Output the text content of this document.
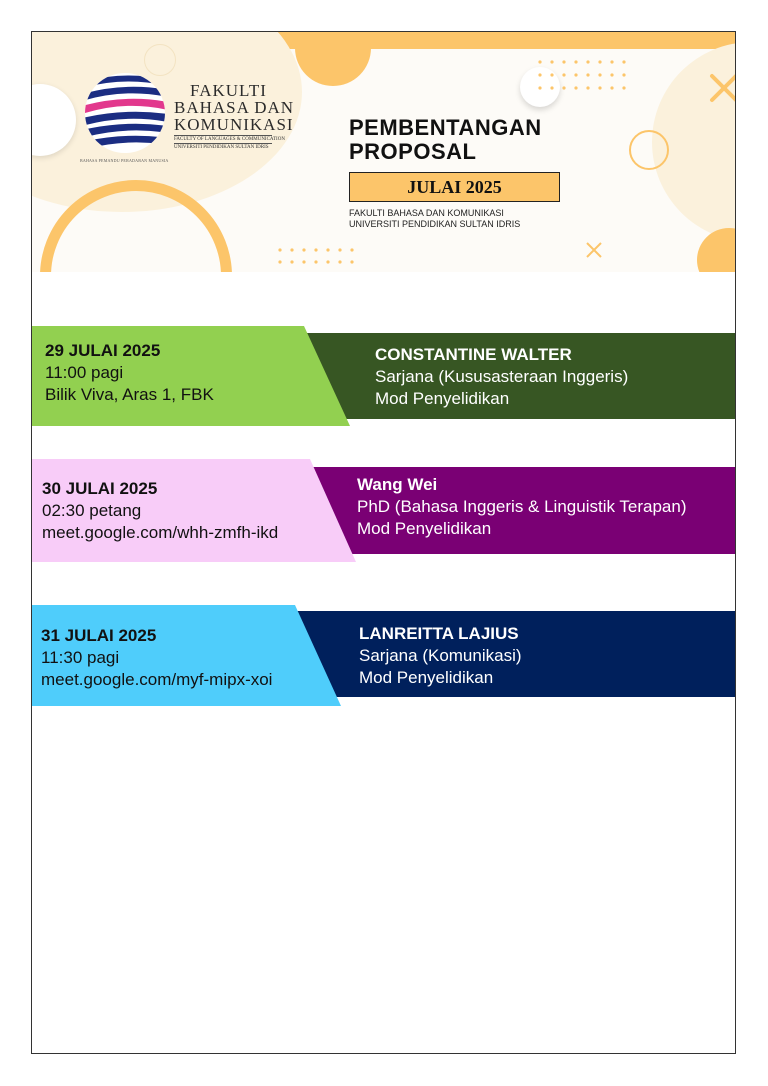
BAHASA PEMANDU PERADABAN MANUSIA
FAKULTI
BAHASA DAN
KOMUNIKASI
FACULTY OF LANGUAGES & COMMUNICATION
UNIVERSITI PENDIDIKAN SULTAN IDRIS
PEMBENTANGAN
PROPOSAL
JULAI 2025
FAKULTI BAHASA DAN KOMUNIKASI
UNIVERSITI PENDIDIKAN SULTAN IDRIS
29 JULAI 2025
11:00 pagi
Bilik Viva, Aras 1, FBK
CONSTANTINE WALTER
Sarjana (Kususasteraan Inggeris)
Mod Penyelidikan
30 JULAI 2025
02:30 petang
meet.google.com/whh-zmfh-ikd
Wang Wei
PhD (Bahasa Inggeris & Linguistik Terapan)
Mod Penyelidikan
31 JULAI 2025
11:30 pagi
meet.google.com/myf-mipx-xoi
LANREITTA LAJIUS
Sarjana (Komunikasi)
Mod Penyelidikan
